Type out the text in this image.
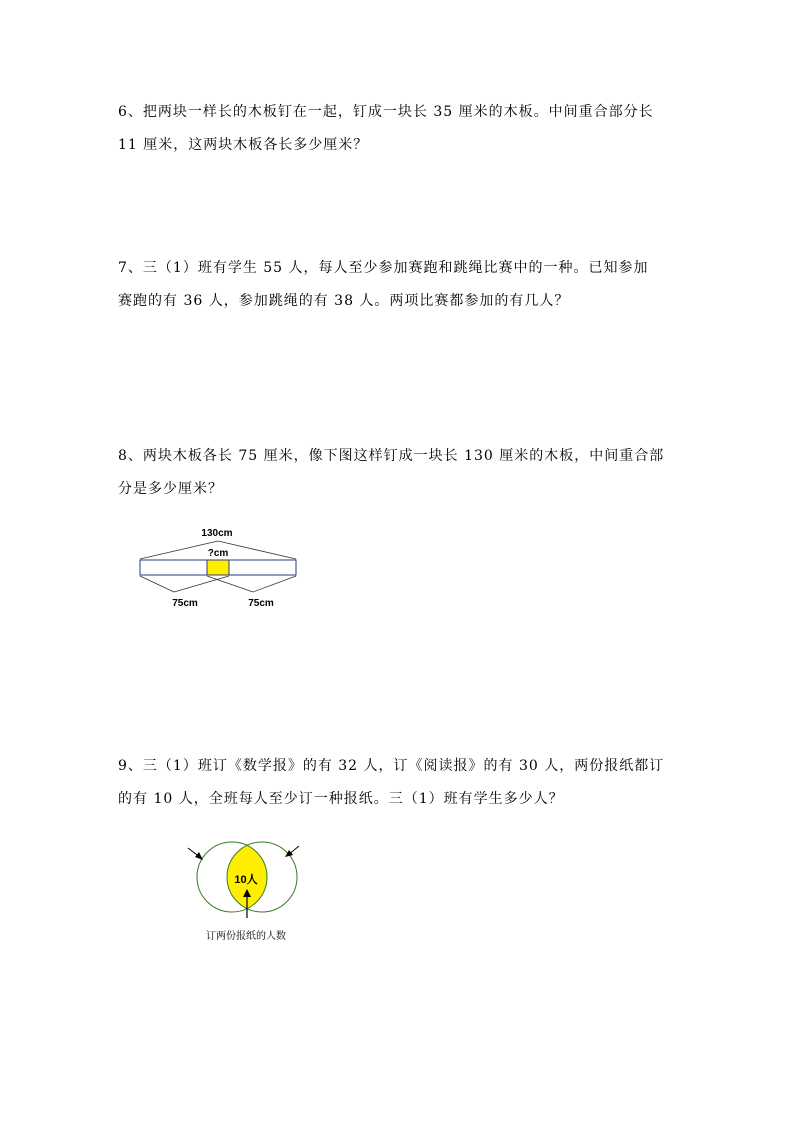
6、把两块一样长的木板钉在一起，钉成一块长 35 厘米的木板。中间重合部分长

11 厘米，这两块木板各长多少厘米？

7、三（1）班有学生 55 人，每人至少参加赛跑和跳绳比赛中的一种。已知参加

赛跑的有 36 人，参加跳绳的有 38 人。两项比赛都参加的有几人？

8、两块木板各长 75 厘米，像下图这样钉成一块长 130 厘米的木板，中间重合部

分是多少厘米？

130cm
?cm
75cm	75cm

9、三（1）班订《数学报》的有 32 人，订《阅读报》的有 30 人，两份报纸都订

的有 10 人，全班每人至少订一种报纸。三（1）班有学生多少人？

10人
订两份报纸的人数
